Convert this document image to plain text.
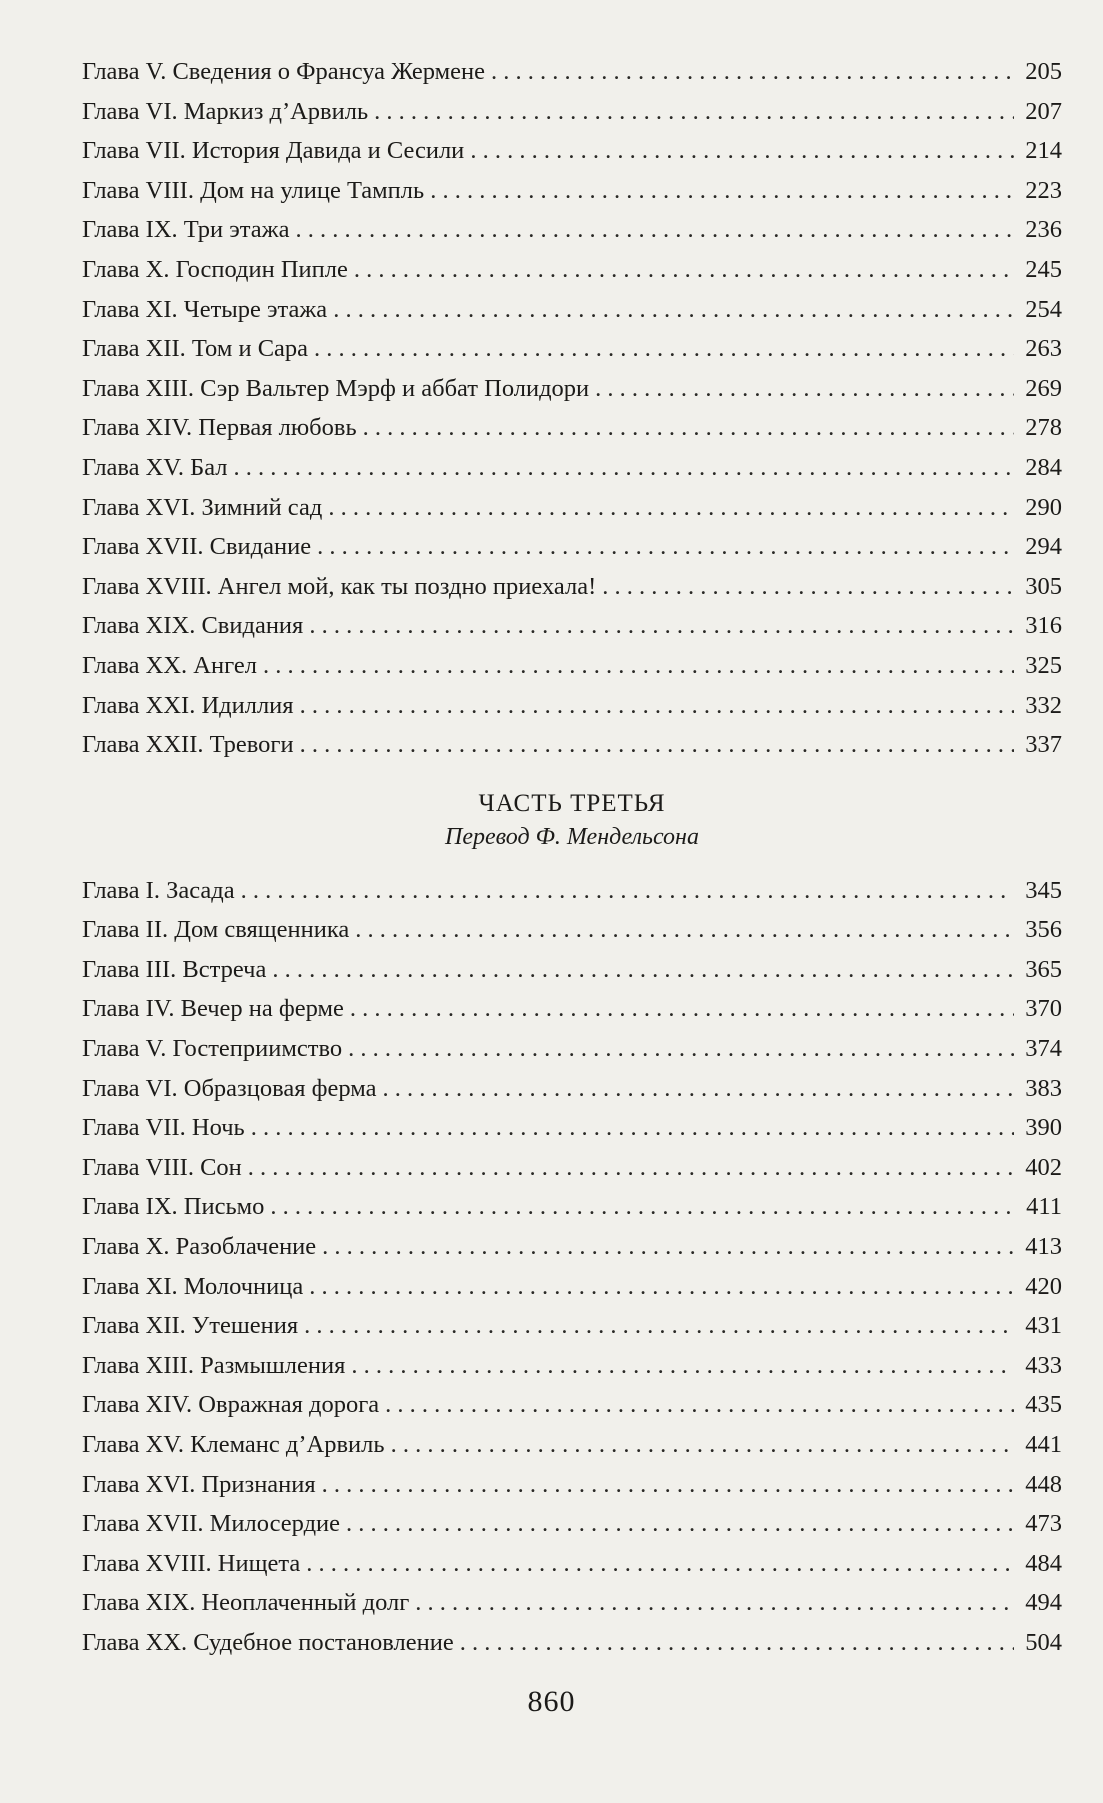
Глава V. Сведения о Франсуа Жермене . . .	205
Глава VI. Маркиз д’Арвиль . . .	207
Глава VII. История Давида и Сесили . . .	214
Глава VIII. Дом на улице Тампль . . .	223
Глава IX. Три этажа . . .	236
Глава X. Господин Пипле . . .	245
Глава XI. Четыре этажа . . .	254
Глава XII. Том и Сара . . .	263
Глава XIII. Сэр Вальтер Мэрф и аббат Полидори . . .	269
Глава XIV. Первая любовь . . .	278
Глава XV. Бал . . .	284
Глава XVI. Зимний сад . . .	290
Глава XVII. Свидание . . .	294
Глава XVIII. Ангел мой, как ты поздно приехала! . . .	305
Глава XIX. Свидания . . .	316
Глава XX. Ангел . . .	325
Глава XXI. Идиллия . . .	332
Глава XXII. Тревоги . . .	337
ЧАСТЬ ТРЕТЬЯ
Перевод Ф. Мендельсона
Глава I. Засада . . .	345
Глава II. Дом священника . . .	356
Глава III. Встреча . . .	365
Глава IV. Вечер на ферме . . .	370
Глава V. Гостеприимство . . .	374
Глава VI. Образцовая ферма . . .	383
Глава VII. Ночь . . .	390
Глава VIII. Сон . . .	402
Глава IX. Письмо . . .	411
Глава X. Разоблачение . . .	413
Глава XI. Молочница . . .	420
Глава XII. Утешения . . .	431
Глава XIII. Размышления . . .	433
Глава XIV. Овражная дорога . . .	435
Глава XV. Клеманс д’Арвиль . . .	441
Глава XVI. Признания . . .	448
Глава XVII. Милосердие . . .	473
Глава XVIII. Нищета . . .	484
Глава XIX. Неоплаченный долг . . .	494
Глава XX. Судебное постановление . . .	504
860
